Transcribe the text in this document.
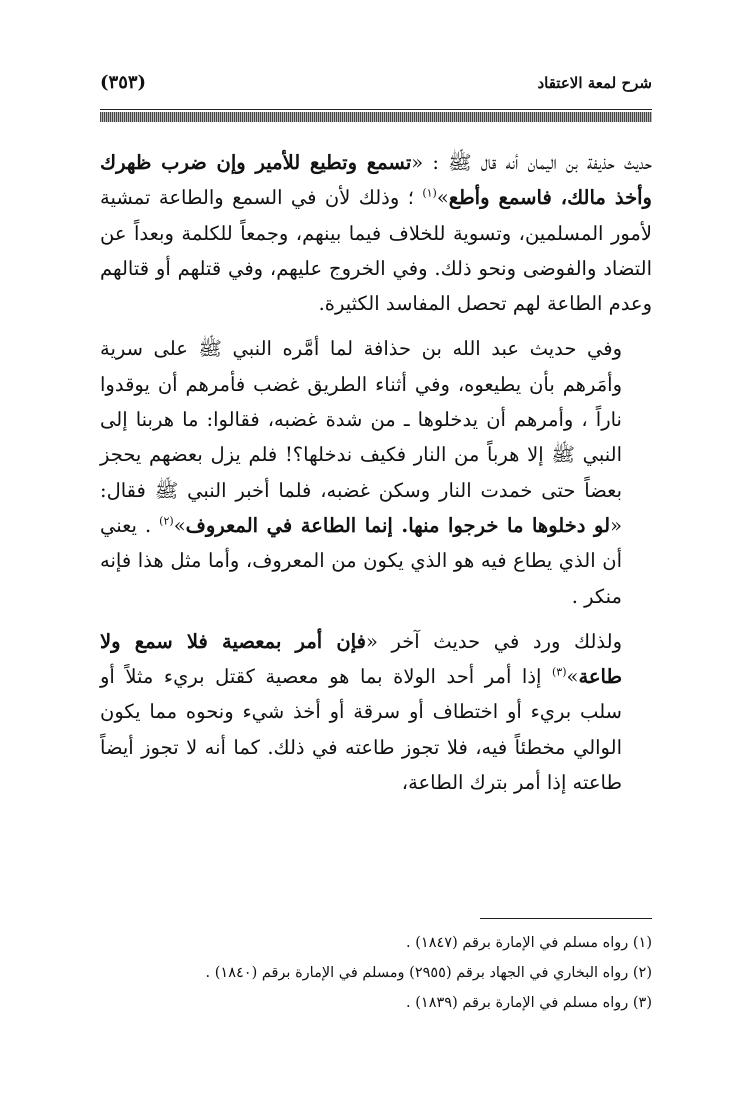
شرح لمعة الاعتقاد
(٣٥٣)

حديث حذيفة بن اليمان أنه قال ﷺ : «تسمع وتطيع للأمير وإن ضرب ظهرك وأخذ مالك، فاسمع وأطع»$^{(١)}$ ؛ وذلك لأن في السمع والطاعة تمشية لأمور المسلمين، وتسوية للخلاف فيما بينهم، وجمعاً للكلمة وبعداً عن التضاد والفوضى ونحو ذلك. وفي الخروج عليهم، وفي قتلهم أو قتالهم وعدم الطاعة لهم تحصل المفاسد الكثيرة.

وفي حديث عبد الله بن حذافة لما أمَّره النبي ﷺ على سرية وأمَرهم بأن يطيعوه، وفي أثناء الطريق غضب فأمرهم أن يوقدوا ناراً ، وأمرهم أن يدخلوها ـ من شدة غضبه، فقالوا: ما هربنا إلى النبي ﷺ إلا هرباً من النار فكيف ندخلها؟! فلم يزل بعضهم يحجز بعضاً حتى خمدت النار وسكن غضبه، فلما أخبر النبي ﷺ فقال: «لو دخلوها ما خرجوا منها. إنما الطاعة في المعروف»$^{(٢)}$ . يعني أن الذي يطاع فيه هو الذي يكون من المعروف، وأما مثل هذا فإنه منكر .

ولذلك ورد في حديث آخر «فإن أمر بمعصية فلا سمع ولا طاعة»$^{(٣)}$ إذا أمر أحد الولاة بما هو معصية كقتل بريء مثلاً أو سلب بريء أو اختطاف أو سرقة أو أخذ شيء ونحوه مما يكون الوالي مخطئاً فيه، فلا تجوز طاعته في ذلك. كما أنه لا تجوز أيضاً طاعته إذا أمر بترك الطاعة،

(١) رواه مسلم في الإمارة برقم (١٨٤٧) .

(٢) رواه البخاري في الجهاد برقم (٢٩٥٥) ومسلم في الإمارة برقم (١٨٤٠) .

(٣) رواه مسلم في الإمارة برقم (١٨٣٩) .
